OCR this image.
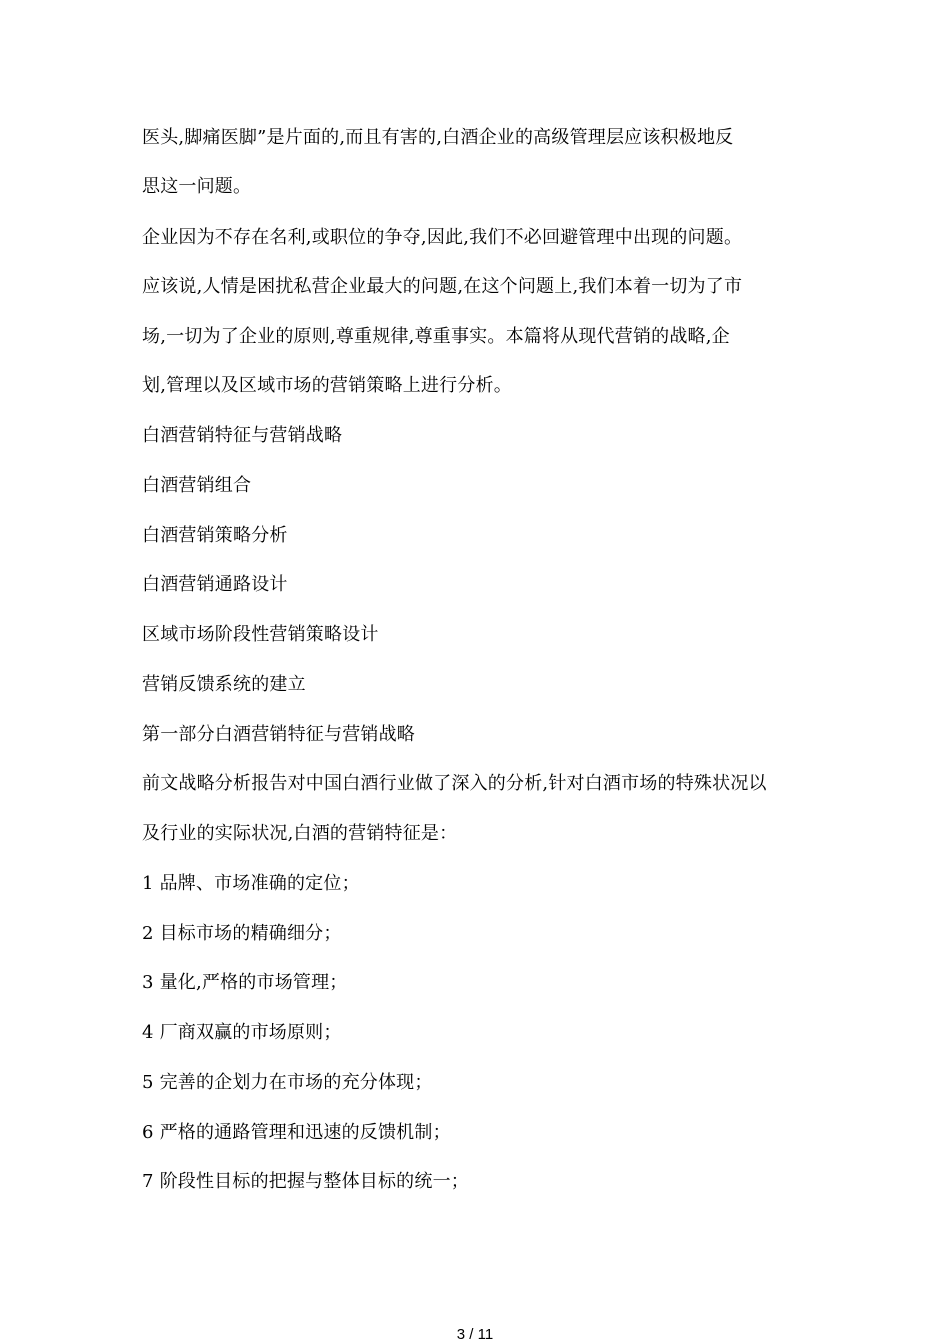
医头,脚痛医脚”是片面的,而且有害的,白酒企业的高级管理层应该积极地反
思这一问题。
企业因为不存在名利,或职位的争夺,因此,我们不必回避管理中出现的问题。
应该说,人情是困扰私营企业最大的问题,在这个问题上,我们本着一切为了市
场,一切为了企业的原则,尊重规律,尊重事实。本篇将从现代营销的战略,企
划,管理以及区域市场的营销策略上进行分析。
白酒营销特征与营销战略
白酒营销组合
白酒营销策略分析
白酒营销通路设计
区域市场阶段性营销策略设计
营销反馈系统的建立
第一部分白酒营销特征与营销战略
前文战略分析报告对中国白酒行业做了深入的分析,针对白酒市场的特殊状况以
及行业的实际状况,白酒的营销特征是：
1 品牌、市场准确的定位；
2 目标市场的精确细分；
3 量化,严格的市场管理；
4 厂商双赢的市场原则；
5 完善的企划力在市场的充分体现；
6 严格的通路管理和迅速的反馈机制；
7 阶段性目标的把握与整体目标的统一；
3 / 11
